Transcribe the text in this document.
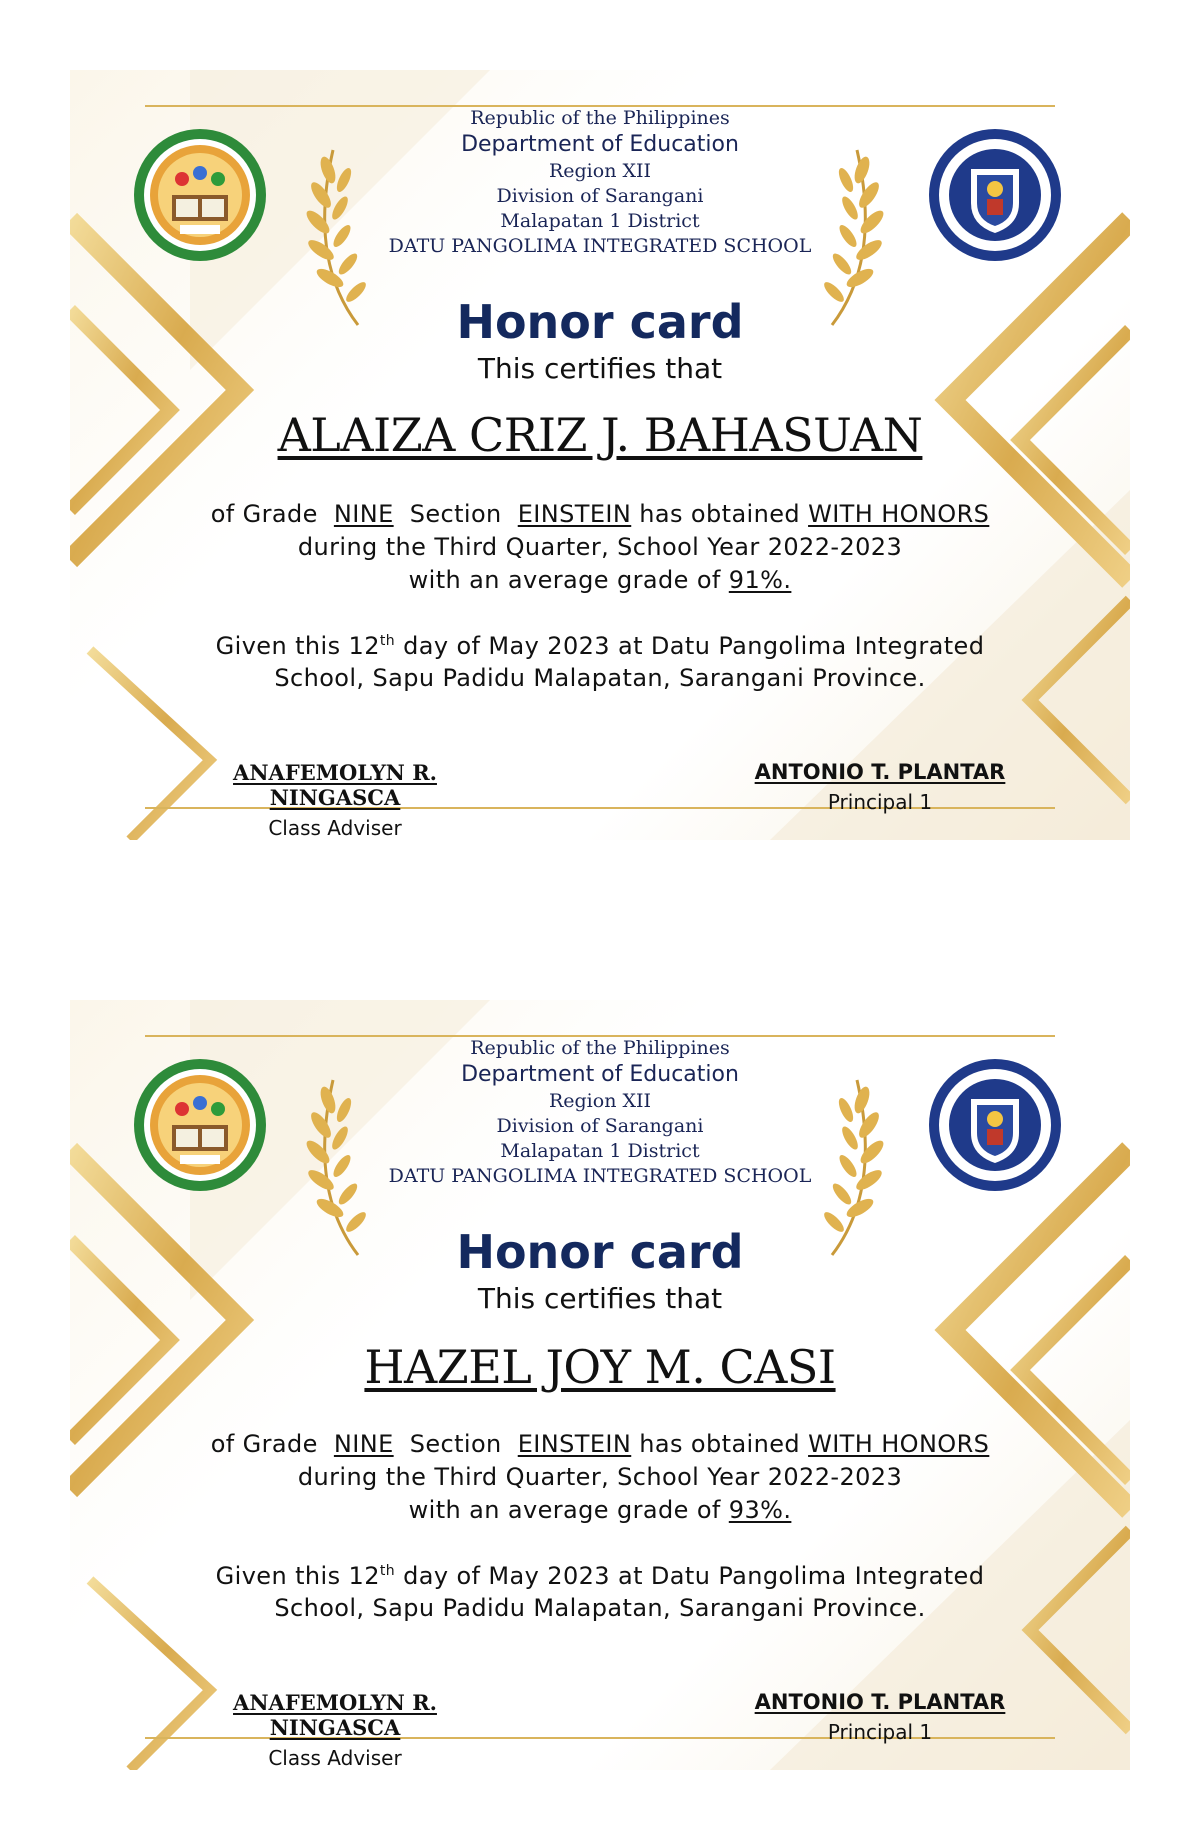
Republic of the Philippines
Department of Education
Region XII
Division of Sarangani
Malapatan 1 District
DATU PANGOLIMA INTEGRATED SCHOOL
Honor card
This certifies that
ALAIZA CRIZ J. BAHASUAN
of Grade NINE Section EINSTEIN has obtained WITH HONORS
during the Third Quarter, School Year 2022-2023
with an average grade of 91%.
Given this 12th day of May 2023 at Datu Pangolima Integrated
School, Sapu Padidu Malapatan, Sarangani Province.
ANAFEMOLYN R. NINGASCA
Class Adviser
ANTONIO T. PLANTAR
Principal 1
Republic of the Philippines
Department of Education
Region XII
Division of Sarangani
Malapatan 1 District
DATU PANGOLIMA INTEGRATED SCHOOL
Honor card
This certifies that
HAZEL JOY M. CASI
of Grade NINE Section EINSTEIN has obtained WITH HONORS
during the Third Quarter, School Year 2022-2023
with an average grade of 93%.
Given this 12th day of May 2023 at Datu Pangolima Integrated
School, Sapu Padidu Malapatan, Sarangani Province.
ANAFEMOLYN R. NINGASCA
Class Adviser
ANTONIO T. PLANTAR
Principal 1
